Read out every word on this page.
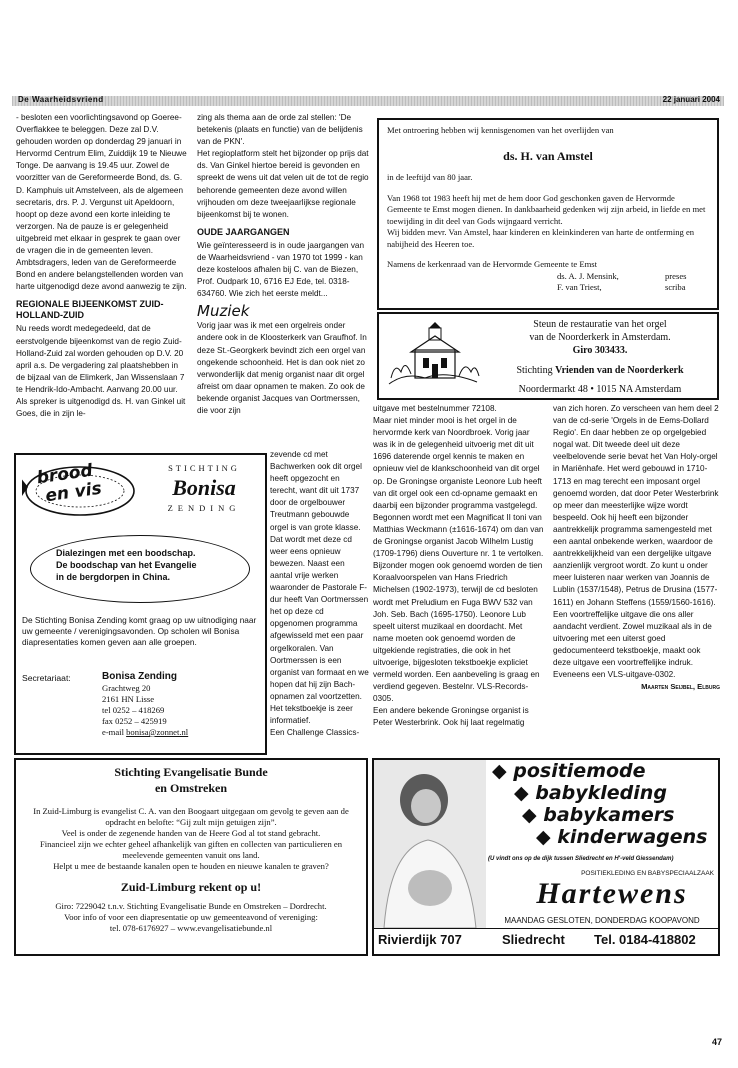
De Waarheidsvriend	22 januari 2004

- besloten een voorlichtingsavond op Goeree-Overflakkee te beleggen. Deze zal D.V. gehouden worden op donderdag 29 januari in Hervormd Centrum Elim, Zuiddijk 19 te Nieuwe Tonge. De aanvang is 19.45 uur. Zowel de voorzitter van de Gereformeerde Bond, ds. G. D. Kamphuis uit Amstelveen, als de algemeen secretaris, drs. P. J. Vergunst uit Apeldoorn, hoopt op deze avond een korte inleiding te verzorgen. Na de pauze is er gelegenheid uitgebreid met elkaar in gesprek te gaan over de vragen die in de gemeenten leven. Ambtsdragers, leden van de Gereformeerde Bond en andere belangstellenden worden van harte uitgenodigd deze avond aanwezig te zijn.

REGIONALE BIJEENKOMST ZUID-HOLLAND-ZUID

Nu reeds wordt medegedeeld, dat de eerstvolgende bijeenkomst van de regio Zuid-Holland-Zuid zal worden gehouden op D.V. 20 april a.s. De vergadering zal plaatshebben in de bijzaal van de Elimkerk, Jan Wissenslaan 7 te Hendrik-Ido-Ambacht. Aanvang 20.00 uur. Als spreker is uitgenodigd ds. H. van Ginkel uit Goes, die in zijn le-

zing als thema aan de orde zal stellen: 'De betekenis (plaats en functie) van de belijdenis van de PKN'.

Het regioplatform stelt het bijzonder op prijs dat ds. Van Ginkel hiertoe bereid is gevonden en spreekt de wens uit dat velen uit de tot de regio behorende gemeenten deze avond willen vrijhouden om deze tweejaarlijkse regionale bijeenkomst bij te wonen.

OUDE JAARGANGEN

Wie geïnteresseerd is in oude jaargangen van de Waarheidsvriend - van 1970 tot 1999 - kan deze kosteloos afhalen bij C. van de Biezen, Prof. Oudpark 10, 6716 EJ Ede, tel. 0318-634760. Wie zich het eerste meldt...

Muziek

Vorig jaar was ik met een orgelreis onder andere ook in de Kloosterkerk van Graufhof. In deze St.-Georgkerk bevindt zich een orgel van ongekende schoonheid. Het is dan ook niet zo verwonderlijk dat menig organist naar dit orgel afreist om daar opnamen te maken. Zo ook de bekende organist Jacques van Oortmerssen, die voor zijn

zevende cd met Bachwerken ook dit orgel heeft opgezocht en terecht, want dit uit 1737 door de orgelbouwer Treutmann gebouwde orgel is van grote klasse. Dat wordt met deze cd weer eens opnieuw bewezen. Naast een aantal vrije werken waaronder de Pastorale F-dur heeft Van Oortmerssen het op deze cd opgenomen programma afgewisseld met een paar orgelkoralen. Van Oortmerssen is een organist van formaat en we hopen dat hij zijn Bach-opnamen zal voortzetten. Het tekstboekje is zeer informatief.

Een Challenge Classics-

Met ontroering hebben wij kennisgenomen van het overlijden van
ds. H. van Amstel
in de leeftijd van 80 jaar.
Van 1968 tot 1983 heeft hij met de hem door God geschonken gaven de Hervormde Gemeente te Emst mogen dienen. In dankbaarheid gedenken wij zijn arbeid, in liefde en met toewijding in dit deel van Gods wijngaard verricht.
Wij bidden mevr. Van Amstel, haar kinderen en kleinkinderen van harte de ontferming en nabijheid des Heeren toe.
Namens de kerkenraad van de Hervormde Gemeente te Emst
ds. A. J. Mensink,	preses
F. van Triest,	scriba
Steun de restauratie van het orgel
van de Noorderkerk in Amsterdam.
Giro 303433.
Stichting Vrienden van de Noorderkerk
Noordermarkt 48 • 1015 NA Amsterdam

uitgave met bestelnummer 72108.

Maar niet minder mooi is het orgel in de hervormde kerk van Noordbroek. Vorig jaar was ik in de gelegenheid uitvoerig met dit uit 1696 daterende orgel kennis te maken en opnieuw viel de klankschoonheid van dit orgel op. De Groningse organiste Leonore Lub heeft van dit orgel ook een cd-opname gemaakt en daarbij een bijzonder programma vastgelegd. Begonnen wordt met een Magnificat II toni van Matthias Weckmann (±1616-1674) om dan van de Groningse organist Jacob Wilhelm Lustig (1709-1796) diens Ouverture nr. 1 te vertolken. Bijzonder mogen ook genoemd worden de tien Koraalvoorspelen van Hans Friedrich Michelsen (1902-1973), terwijl de cd besloten wordt met Preludium en Fuga BWV 532 van Joh. Seb. Bach (1695-1750). Leonore Lub speelt uiterst muzikaal en doordacht. Met name moeten ook genoemd worden de uitgekiende registraties, die ook in het uitvoerige, bijgesloten tekstboekje expliciet vermeld worden. Een aanbeveling is graag en verdiend gegeven. Bestelnr. VLS-Records-0305.

Een andere bekende Groningse organist is Peter Westerbrink. Ook hij laat regelmatig

van zich horen. Zo verscheen van hem deel 2 van de cd-serie 'Orgels in de Eems-Dollard Regio'. En daar hebben ze op orgelgebied nogal wat. Dit tweede deel uit deze veelbelovende serie bevat het Van Holy-orgel in Mariënhafe. Het werd gebouwd in 1710-1713 en mag terecht een imposant orgel genoemd worden, dat door Peter Westerbrink op meer dan meesterlijke wijze wordt bespeeld. Ook hij heeft een bijzonder aantrekkelijk programma samengesteld met een aantal onbekende werken, waardoor de aantrekkelijkheid van een dergelijke uitgave aanzienlijk vergroot wordt. Zo kunt u onder meer luisteren naar werken van Joannis de Lublin (1537/1548), Petrus de Drusina (1577-1611) en Johann Steffens (1559/1560-1616). Een voortreffelijke uitgave die ons aller aandacht verdient. Zowel muzikaal als in de uitvoering met een uiterst goed gedocumenteerd tekstboekje, maakt ook deze uitgave een voortreffelijke indruk. Eveneens een VLS-uitgave-0302.

Maarten Seijbel, Elburg

brood
en vis
STICHTING
Bonisa
ZENDING
Dialezingen met een boodschap.
De boodschap van het Evangelie
in de bergdorpen in China.
De Stichting Bonisa Zending komt graag op uw uitnodiging naar uw gemeente / verenigingsavonden. Op scholen wil Bonisa diapresentaties komen geven aan alle groepen.
Secretariaat:	Bonisa Zending
Grachtweg 20
2161 HN Lisse
tel 0252 – 418269
fax 0252 – 425919
e-mail bonisa@zonnet.nl
Stichting Evangelisatie Bunde
en Omstreken
In Zuid-Limburg is evangelist C. A. van den Boogaart uitgegaan om gevolg te geven aan de opdracht en belofte: “Gij zult mijn getuigen zijn”.
Veel is onder de zegenende handen van de Heere God al tot stand gebracht.
Financieel zijn we echter geheel afhankelijk van giften en collecten van particulieren en meelevende gemeenten vanuit ons land.
Helpt u mee de bestaande kanalen open te houden en nieuwe kanalen te graven?
Zuid-Limburg rekent op u!
Giro: 7229042 t.n.v. Stichting Evangelisatie Bunde en Omstreken – Dordrecht.
Voor info of voor een diapresentatie op uw gemeenteavond of vereniging:
tel. 078-6176927 – www.evangelisatiebunde.nl
◆ positiemode
◆ babykleding
◆ babykamers
◆ kinderwagens
(U vindt ons op de dijk tussen Sliedrecht en H'-veld Giessendam)
POSITIEKLEDING EN BABYSPECIAALZAAK
Hartewens
MAANDAG GESLOTEN, DONDERDAG KOOPAVOND
Rivierdijk 707	Sliedrecht Tel. 0184-418802
47
